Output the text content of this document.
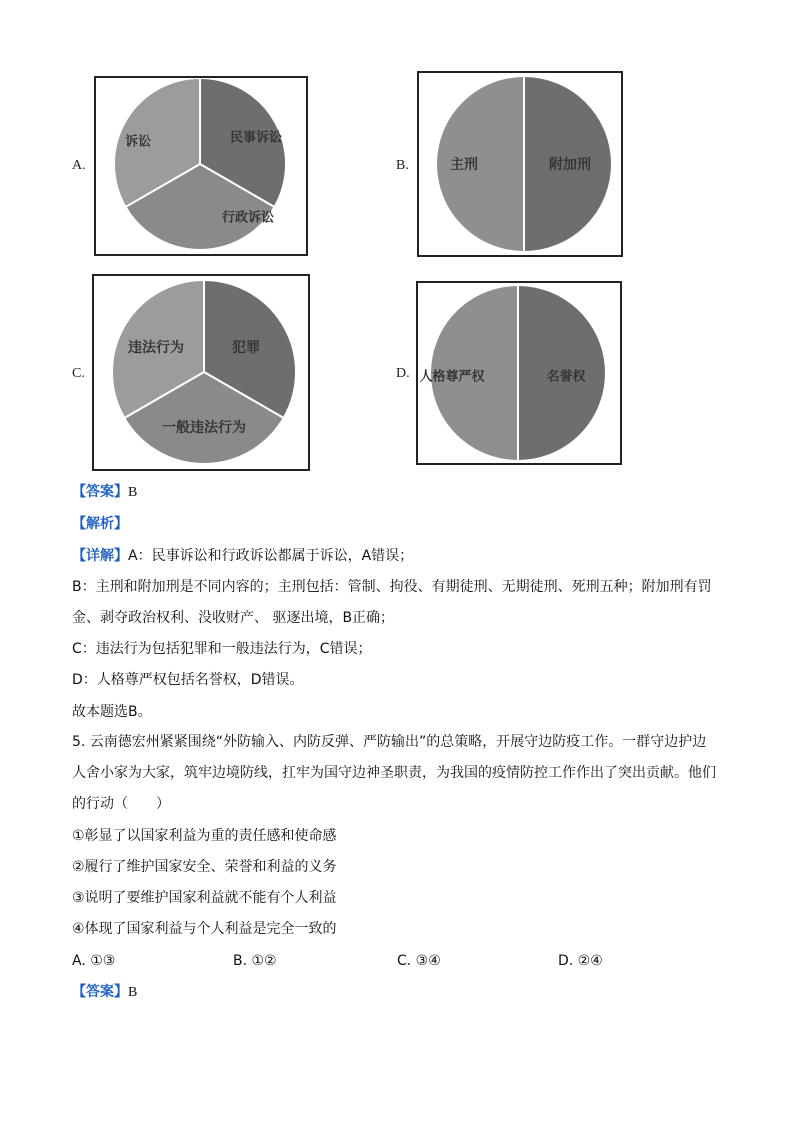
A.	B.
C.	D.
民事诉讼
行政诉讼
诉讼
附加刑
主刑
犯罪
一般违法行为
违法行为
名誉权
人格尊严权
【答案】B
【解析】
【详解】A：民事诉讼和行政诉讼都属于诉讼，A错误；
B：主刑和附加刑是不同内容的；主刑包括：管制、拘役、有期徒刑、无期徒刑、死刑五种；附加刑有罚
金、剥夺政治权利、没收财产、 驱逐出境，B正确；
C：违法行为包括犯罪和一般违法行为，C错误；
D：人格尊严权包括名誉权，D错误。
故本题选B。
5. 云南德宏州紧紧围绕“外防输入、内防反弹、严防输出”的总策略，开展守边防疫工作。一群守边护边
人舍小家为大家，筑牢边境防线，扛牢为国守边神圣职责，为我国的疫情防控工作作出了突出贡献。他们
的行动（　　）
①彰显了以国家利益为重的责任感和使命感
②履行了维护国家安全、荣誉和利益的义务
③说明了要维护国家利益就不能有个人利益
④体现了国家利益与个人利益是完全一致的
A. ①③	B. ①②	C. ③④	D. ②④
【答案】B
